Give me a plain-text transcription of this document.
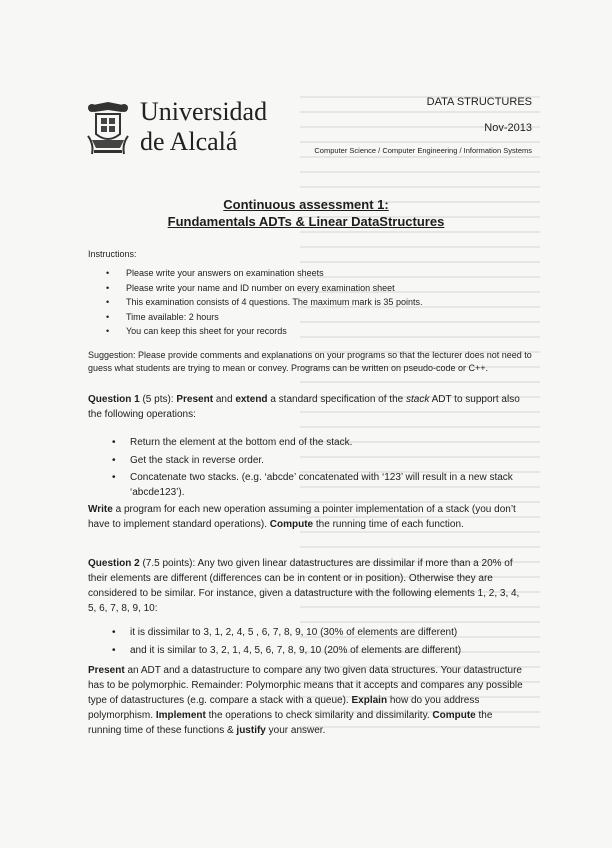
Universidad
de Alcalá
DATA STRUCTURES
Nov-2013
Computer Science / Computer Engineering / Information Systems
Continuous assessment 1:
Fundamentals ADTs & Linear DataStructures
Instructions:
• Please write your answers on examination sheets
• Please write your name and ID number on every examination sheet
• This examination consists of 4 questions. The maximum mark is 35 points.
• Time available: 2 hours
• You can keep this sheet for your records
Suggestion: Please provide comments and explanations on your programs so that the lecturer does not need to guess what students are trying to mean or convey. Programs can be written on pseudo-code or C++.
Question 1 (5 pts): Present and extend a standard specification of the stack ADT to support also the following operations:
• Return the element at the bottom end of the stack.
• Get the stack in reverse order.
• Concatenate two stacks. (e.g. ‘abcde’ concatenated with ‘123’ will result in a new stack ‘abcde123’).
Write a program for each new operation assuming a pointer implementation of a stack (you don’t have to implement standard operations). Compute the running time of each function.
Question 2 (7.5 points): Any two given linear datastructures are dissimilar if more than a 20% of their elements are different (differences can be in content or in position). Otherwise they are considered to be similar. For instance, given a datastructure with the following elements 1, 2, 3, 4, 5, 6, 7, 8, 9, 10:
• it is dissimilar to 3, 1, 2, 4, 5 , 6, 7, 8, 9, 10 (30% of elements are different)
• and it is similar to 3, 2, 1, 4, 5, 6, 7, 8, 9, 10 (20% of elements are different)
Present an ADT and a datastructure to compare any two given data structures. Your datastructure has to be polymorphic. Remainder: Polymorphic means that it accepts and compares any possible type of datastructures (e.g. compare a stack with a queue). Explain how do you address polymorphism. Implement the operations to check similarity and dissimilarity. Compute the running time of these functions & justify your answer.
